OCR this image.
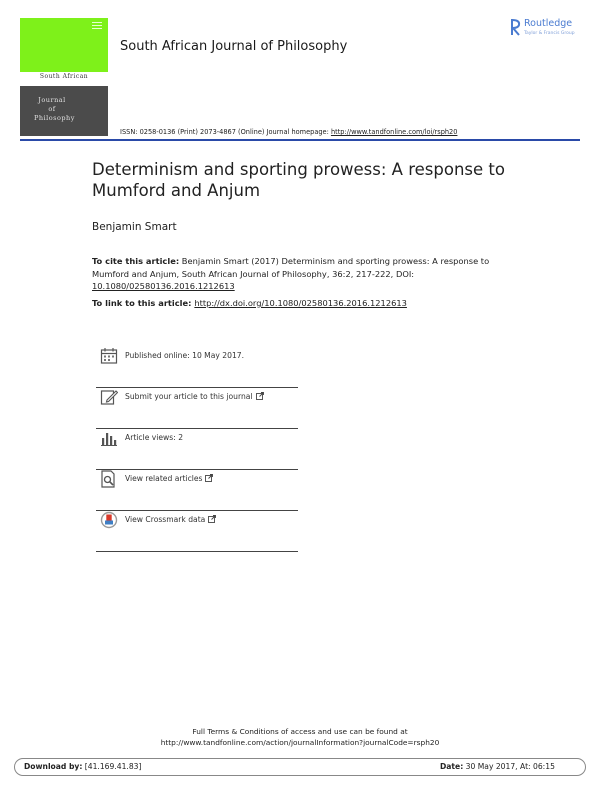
South African
Journal
of
Philosophy
South African Journal of Philosophy
Routledge
Taylor & Francis Group
ISSN: 0258-0136 (Print) 2073-4867 (Online) Journal homepage: http://www.tandfonline.com/loi/rsph20
Determinism and sporting prowess: A response to Mumford and Anjum
Benjamin Smart
To cite this article: Benjamin Smart (2017) Determinism and sporting prowess: A response to Mumford and Anjum, South African Journal of Philosophy, 36:2, 217-222, DOI: 10.1080/02580136.2016.1212613
To link to this article: http://dx.doi.org/10.1080/02580136.2016.1212613
Published online: 10 May 2017.
Submit your article to this journal
Article views: 2
View related articles
View Crossmark data
Full Terms & Conditions of access and use can be found at
http://www.tandfonline.com/action/journalInformation?journalCode=rsph20
Download by: [41.169.41.83]	Date: 30 May 2017, At: 06:15
